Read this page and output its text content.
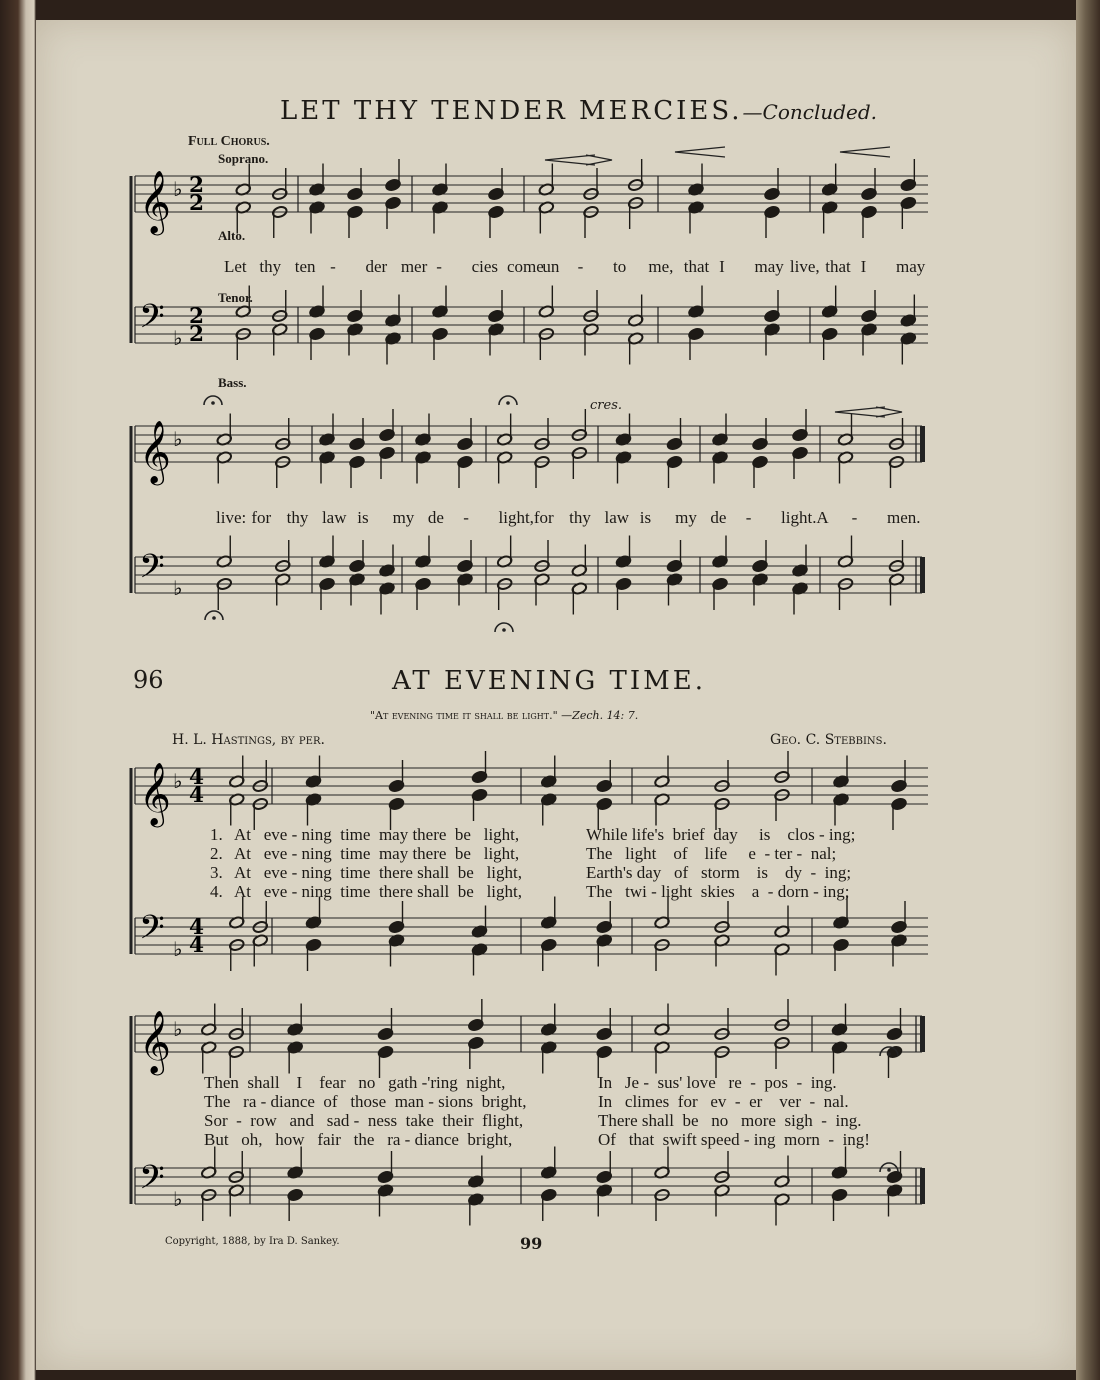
𝄞
𝄢
♭
♭
2
2
2
2
𝄞
𝄢
♭
♭
𝄞
𝄢
♭
♭
4
4
4
4
𝄞
𝄢
♭
♭
LET THY TENDER MERCIES.—Concluded.
Full Chorus.
Soprano.
Alto.
Tenor.
Bass.
cres.
Let thy ten - der mer - cies come
un - to me, that I may live, that I may
live: for thy law is my de - light, for thy law is my de - light. A - men.
96	AT EVENING TIME.
"At evening time it shall be light." —Zech. 14: 7.
H. L. Hastings, by per.	Geo. C. Stebbins.
1. At   eve - ning  time  may there  be   light,	While life's  brief  day     is    clos - ing;
2. At   eve - ning  time  may there  be   light,	The   light    of    life     e  - ter -  nal;
3. At   eve - ning  time  there shall  be   light,	Earth's day   of   storm    is    dy  -  ing;
4. At   eve - ning  time  there shall  be   light,	The   twi - light  skies    a  - dorn - ing;
Then  shall    I    fear   no   gath -'ring  night,	In   Je -  sus' love   re  -  pos  -  ing.
The   ra - diance  of   those  man - sions  bright,	In   climes  for   ev  -  er    ver  -  nal.
Sor  -  row   and   sad -  ness  take  their  flight,	There shall  be   no   more  sigh  -  ing.
But   oh,   how   fair   the   ra - diance  bright,	Of   that  swift speed - ing  morn  -  ing!
Copyright, 1888, by Ira D. Sankey.	99
